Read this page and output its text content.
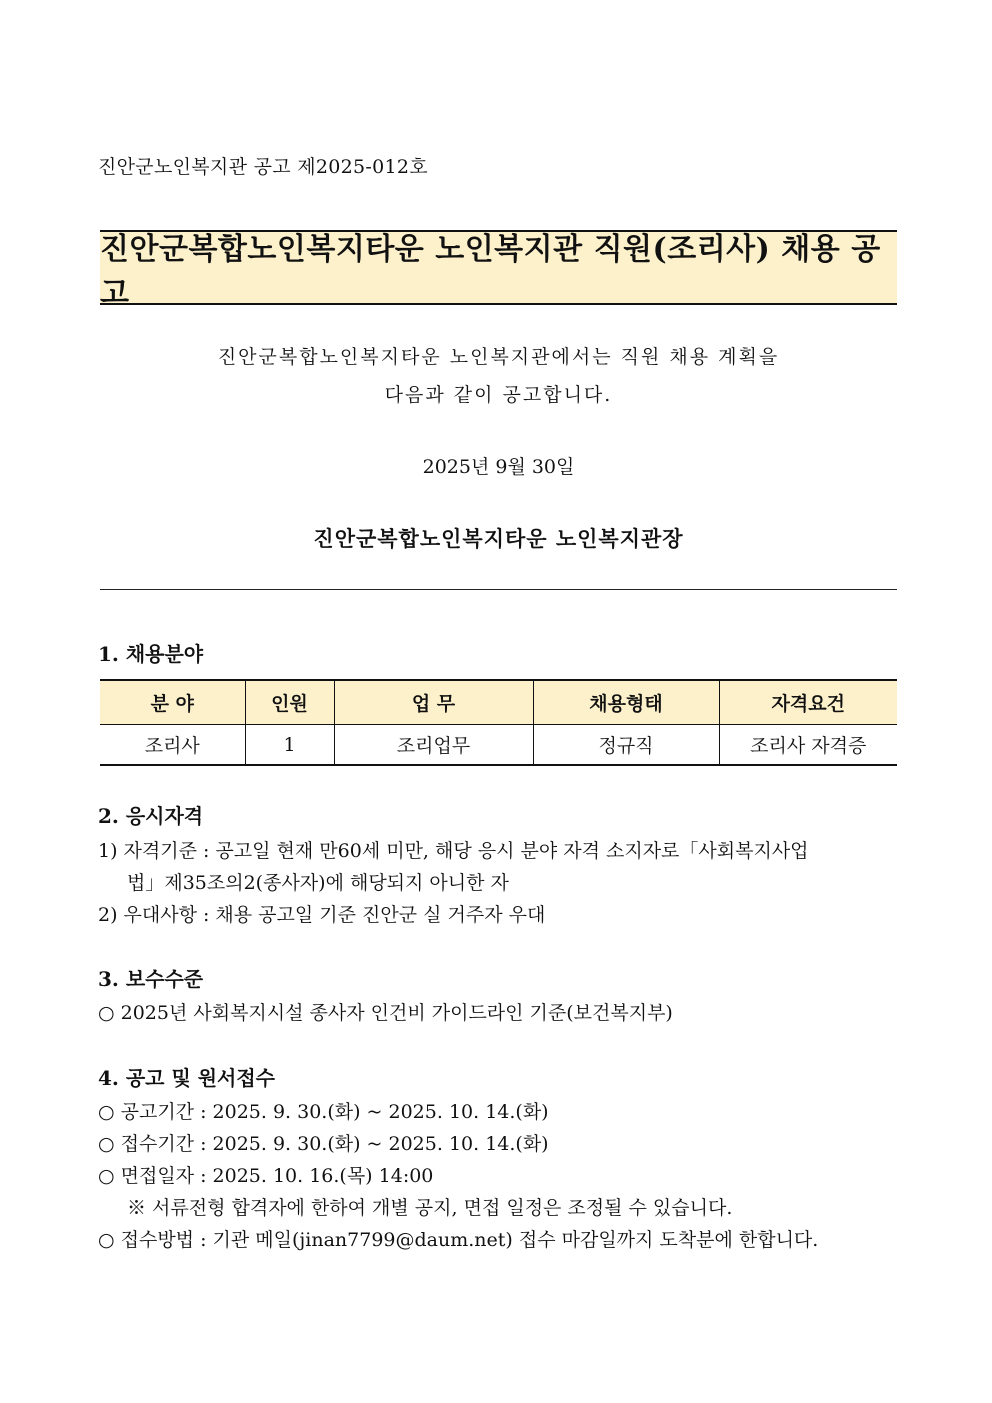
진안군노인복지관 공고 제2025-012호
진안군복합노인복지타운 노인복지관 직원(조리사) 채용 공고
진안군복합노인복지타운 노인복지관에서는 직원 채용 계획을
다음과 같이 공고합니다.
2025년 9월 30일
진안군복합노인복지타운 노인복지관장
1. 채용분야
분 야	인원	업 무	채용형태	자격요건
조리사	1	조리업무	정규직	조리사 자격증
2. 응시자격
1) 자격기준 : 공고일 현재 만60세 미만, 해당 응시 분야 자격 소지자로「사회복지사업
법」제35조의2(종사자)에 해당되지 아니한 자
2) 우대사항 : 채용 공고일 기준 진안군 실 거주자 우대
3. 보수수준
○ 2025년 사회복지시설 종사자 인건비 가이드라인 기준(보건복지부)
4. 공고 및 원서접수
○ 공고기간 : 2025. 9. 30.(화) ~ 2025. 10. 14.(화)
○ 접수기간 : 2025. 9. 30.(화) ~ 2025. 10. 14.(화)
○ 면접일자 : 2025. 10. 16.(목) 14:00
※ 서류전형 합격자에 한하여 개별 공지, 면접 일정은 조정될 수 있습니다.
○ 접수방법 : 기관 메일(jinan7799@daum.net) 접수 마감일까지 도착분에 한합니다.
